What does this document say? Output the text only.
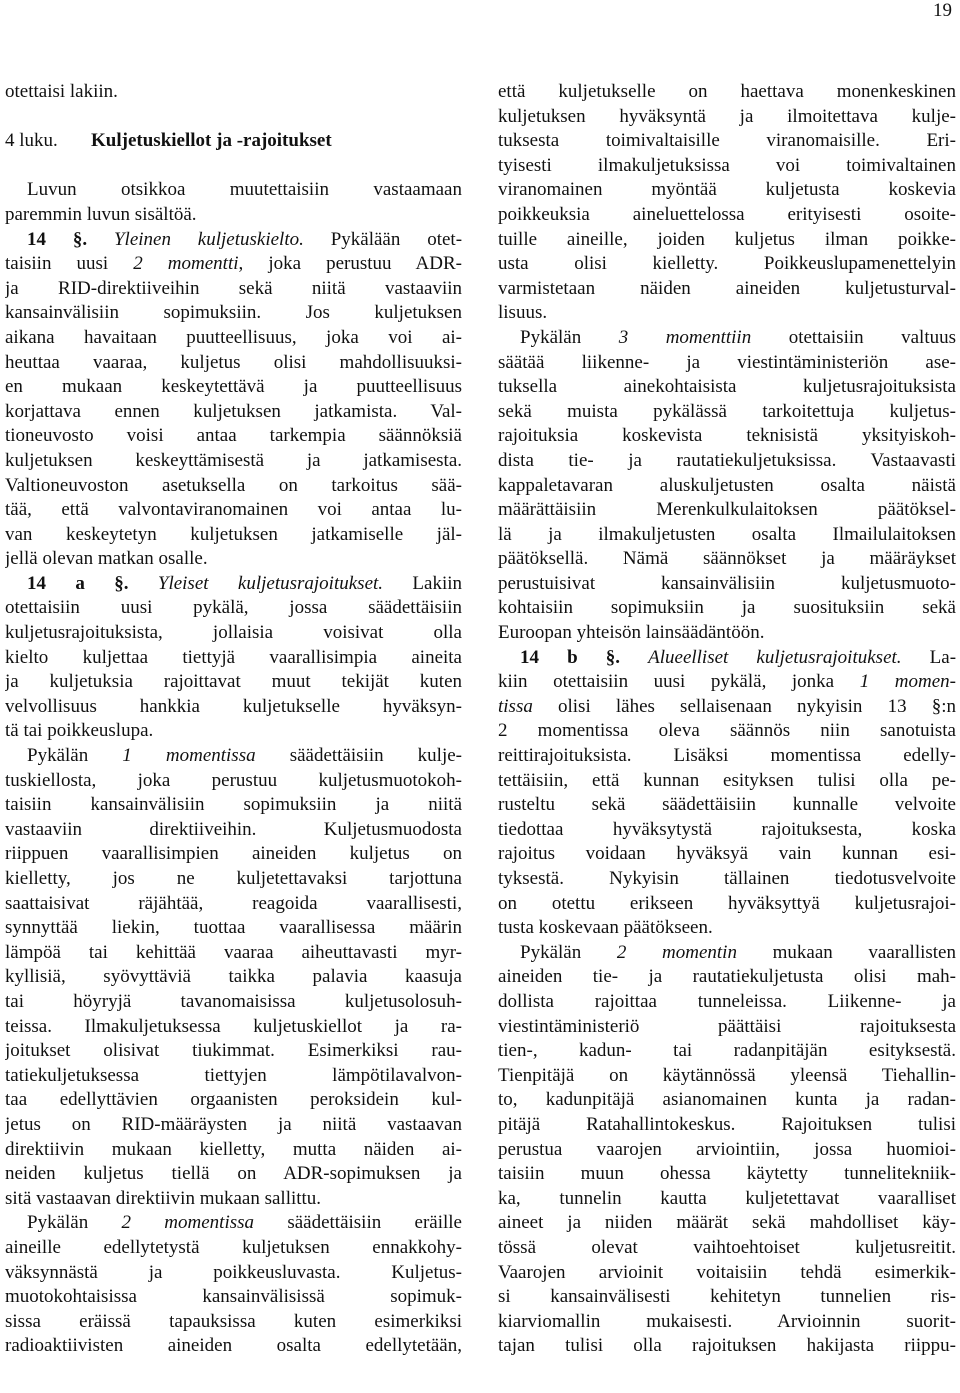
19
otettaisi lakiin.
4 luku. Kuljetuskiellot ja -rajoitukset
Luvun otsikkoa muutettaisiin vastaamaan
paremmin luvun sisältöä.
14 §. Yleinen kuljetuskielto. Pykälään otet-
taisiin uusi 2 momentti, joka perustuu ADR-
ja RID-direktiiveihin sekä niitä vastaaviin
kansainvälisiin sopimuksiin. Jos kuljetuksen
aikana havaitaan puutteellisuus, joka voi ai-
heuttaa vaaraa, kuljetus olisi mahdollisuuksi-
en mukaan keskeytettävä ja puutteellisuus
korjattava ennen kuljetuksen jatkamista. Val-
tioneuvosto voisi antaa tarkempia säännöksiä
kuljetuksen keskeyttämisestä ja jatkamisesta.
Valtioneuvoston asetuksella on tarkoitus sää-
tää, että valvontaviranomainen voi antaa lu-
van keskeytetyn kuljetuksen jatkamiselle jäl-
jellä olevan matkan osalle.
14 a §. Yleiset kuljetusrajoitukset. Lakiin
otettaisiin uusi pykälä, jossa säädettäisiin
kuljetusrajoituksista, jollaisia voisivat olla
kielto kuljettaa tiettyjä vaarallisimpia aineita
ja kuljetuksia rajoittavat muut tekijät kuten
velvollisuus hankkia kuljetukselle hyväksyn-
tä tai poikkeuslupa.
Pykälän 1 momentissa säädettäisiin kulje-
tuskiellosta, joka perustuu kuljetusmuotokoh-
taisiin kansainvälisiin sopimuksiin ja niitä
vastaaviin direktiiveihin. Kuljetusmuodosta
riippuen vaarallisimpien aineiden kuljetus on
kielletty, jos ne kuljetettavaksi tarjottuna
saattaisivat räjähtää, reagoida vaarallisesti,
synnyttää liekin, tuottaa vaarallisessa määrin
lämpöä tai kehittää vaaraa aiheuttavasti myr-
kyllisiä, syövyttäviä taikka palavia kaasuja
tai höyryjä tavanomaisissa kuljetusolosuh-
teissa. Ilmakuljetuksessa kuljetuskiellot ja ra-
joitukset olisivat tiukimmat. Esimerkiksi rau-
tatiekuljetuksessa tiettyjen lämpötilavalvon-
taa edellyttävien orgaanisten peroksidein kul-
jetus on RID-määräysten ja niitä vastaavan
direktiivin mukaan kielletty, mutta näiden ai-
neiden kuljetus tiellä on ADR-sopimuksen ja
sitä vastaavan direktiivin mukaan sallittu.
Pykälän 2 momentissa säädettäisiin eräille
aineille edellytetystä kuljetuksen ennakkohy-
väksynnästä ja poikkeusluvasta. Kuljetus-
muotokohtaisissa kansainvälisissä sopimuk-
sissa eräissä tapauksissa kuten esimerkiksi
radioaktiivisten aineiden osalta edellytetään,
että kuljetukselle on haettava monenkeskinen
kuljetuksen hyväksyntä ja ilmoitettava kulje-
tuksesta toimivaltaisille viranomaisille. Eri-
tyisesti ilmakuljetuksissa voi toimivaltainen
viranomainen myöntää kuljetusta koskevia
poikkeuksia aineluettelossa erityisesti osoite-
tuille aineille, joiden kuljetus ilman poikke-
usta olisi kielletty. Poikkeuslupamenettelyin
varmistetaan näiden aineiden kuljetusturval-
lisuus.
Pykälän 3 momenttiin otettaisiin valtuus
säätää liikenne- ja viestintäministeriön ase-
tuksella ainekohtaisista kuljetusrajoituksista
sekä muista pykälässä tarkoitettuja kuljetus-
rajoituksia koskevista teknisistä yksityiskoh-
dista tie- ja rautatiekuljetuksissa. Vastaavasti
kappaletavaran aluskuljetusten osalta näistä
määrättäisiin Merenkulkulaitoksen päätöksel-
lä ja ilmakuljetusten osalta Ilmailulaitoksen
päätöksellä. Nämä säännökset ja määräykset
perustuisivat kansainvälisiin kuljetusmuoto-
kohtaisiin sopimuksiin ja suosituksiin sekä
Euroopan yhteisön lainsäädäntöön.
14 b §. Alueelliset kuljetusrajoitukset. La-
kiin otettaisiin uusi pykälä, jonka 1 momen-
tissa olisi lähes sellaisenaan nykyisin 13 §:n
2 momentissa oleva säännös niin sanotuista
reittirajoituksista. Lisäksi momentissa edelly-
tettäisiin, että kunnan esityksen tulisi olla pe-
rusteltu sekä säädettäisiin kunnalle velvoite
tiedottaa hyväksytystä rajoituksesta, koska
rajoitus voidaan hyväksyä vain kunnan esi-
tyksestä. Nykyisin tällainen tiedotusvelvoite
on otettu erikseen hyväksyttyä kuljetusrajoi-
tusta koskevaan päätökseen.
Pykälän 2 momentin mukaan vaarallisten
aineiden tie- ja rautatiekuljetusta olisi mah-
dollista rajoittaa tunneleissa. Liikenne- ja
viestintäministeriö päättäisi rajoituksesta
tien-, kadun- tai radanpitäjän esityksestä.
Tienpitäjä on käytännössä yleensä Tiehallin-
to, kadunpitäjä asianomainen kunta ja radan-
pitäjä Ratahallintokeskus. Rajoituksen tulisi
perustua vaarojen arviointiin, jossa huomioi-
taisiin muun ohessa käytetty tunnelitekniik-
ka, tunnelin kautta kuljetettavat vaaralliset
aineet ja niiden määrät sekä mahdolliset käy-
tössä olevat vaihtoehtoiset kuljetusreitit.
Vaarojen arvioinit voitaisiin tehdä esimerkik-
si kansainvälisesti kehitetyn tunnelien ris-
kiarviomallin mukaisesti. Arvioinnin suorit-
tajan tulisi olla rajoituksen hakijasta riippu-
